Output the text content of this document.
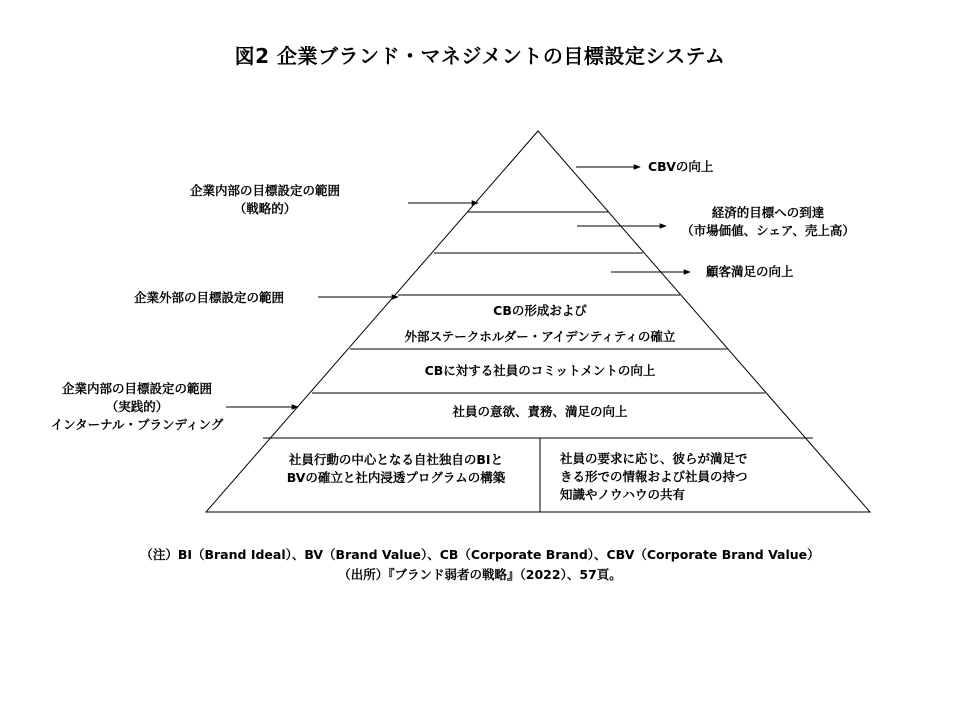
図2 企業ブランド・マネジメントの目標設定システム
企業内部の目標設定の範囲
（戦略的）
企業外部の目標設定の範囲
企業内部の目標設定の範囲
（実践的）
インターナル・ブランディング
CBVの向上
経済的目標への到達
（市場価値、シェア、売上高）
顧客満足の向上
CBの形成および
外部ステークホルダー・アイデンティティの確立
CBに対する社員のコミットメントの向上
社員の意欲、責務、満足の向上
社員行動の中心となる自社独自のBIと
BVの確立と社内浸透プログラムの構築
社員の要求に応じ、彼らが満足で
きる形での情報および社員の持つ
知識やノウハウの共有
（注）BI（Brand Ideal）、BV（Brand Value）、CB（Corporate Brand）、CBV（Corporate Brand Value）
（出所）『ブランド弱者の戦略』（2022）、57頁。
